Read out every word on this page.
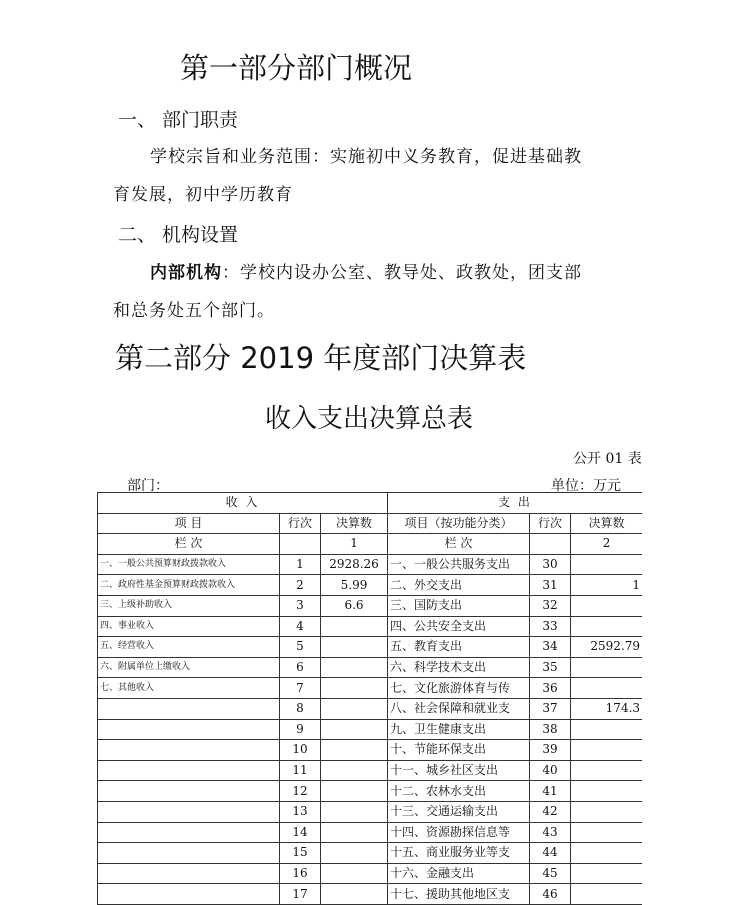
第一部分部门概况
一、 部门职责
学校宗旨和业务范围：实施初中义务教育，促进基础教
育发展，初中学历教育
二、 机构设置
内部机构：学校内设办公室、教导处、政教处，团支部
和总务处五个部门。
第二部分 2019 年度部门决算表
收入支出决算总表
公开 01 表
部门：	单位：万元
收 入			支 出		
项 目	行次	决算数	项目（按功能分类）	行次	决算数
栏 次		1	栏 次		2
一、一般公共预算财政拨款收入	1	2928.26	一、一般公共服务支出	30	
二、政府性基金预算财政拨款收入	2	5.99	二、外交支出	31	1
三、上级补助收入	3	6.6	三、国防支出	32	
四、事业收入	4		四、公共安全支出	33	
五、经营收入	5		五、教育支出	34	2592.79
六、附属单位上缴收入	6		六、科学技术支出	35	
七、其他收入	7		七、文化旅游体育与传	36	
	8		八、社会保障和就业支	37	174.3
	9		九、卫生健康支出	38	
	10		十、节能环保支出	39	
	11		十一、城乡社区支出	40	
	12		十二、农林水支出	41	
	13		十三、交通运输支出	42	
	14		十四、资源勘探信息等	43	
	15		十五、商业服务业等支	44	
	16		十六、金融支出	45	
	17		十七、援助其他地区支	46	
